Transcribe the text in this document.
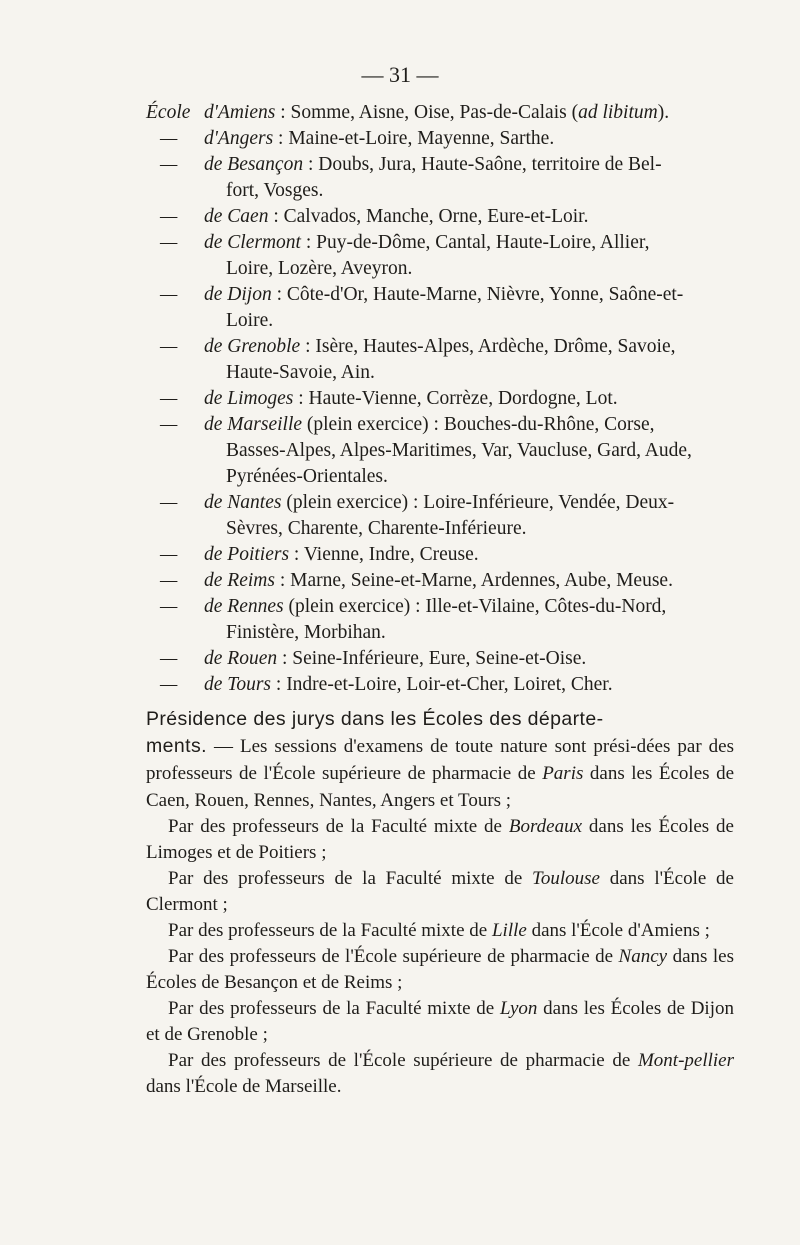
— 31 —
École d'Amiens : Somme, Aisne, Oise, Pas-de-Calais (ad libitum).
—	d'Angers : Maine-et-Loire, Mayenne, Sarthe.
—	de Besançon : Doubs, Jura, Haute-Saône, territoire de Bel-
fort, Vosges.
—	de Caen : Calvados, Manche, Orne, Eure-et-Loir.
—	de Clermont : Puy-de-Dôme, Cantal, Haute-Loire, Allier,
Loire, Lozère, Aveyron.
—	de Dijon : Côte-d'Or, Haute-Marne, Nièvre, Yonne, Saône-et-
Loire.
—	de Grenoble : Isère, Hautes-Alpes, Ardèche, Drôme, Savoie,
Haute-Savoie, Ain.
—	de Limoges : Haute-Vienne, Corrèze, Dordogne, Lot.
—	de Marseille (plein exercice) : Bouches-du-Rhône, Corse,
Basses-Alpes, Alpes-Maritimes, Var, Vaucluse, Gard, Aude,
Pyrénées-Orientales.
—	de Nantes (plein exercice) : Loire-Inférieure, Vendée, Deux-
Sèvres, Charente, Charente-Inférieure.
—	de Poitiers : Vienne, Indre, Creuse.
—	de Reims : Marne, Seine-et-Marne, Ardennes, Aube, Meuse.
—	de Rennes (plein exercice) : Ille-et-Vilaine, Côtes-du-Nord,
Finistère, Morbihan.
—	de Rouen : Seine-Inférieure, Eure, Seine-et-Oise.
—	de Tours : Indre-et-Loire, Loir-et-Cher, Loiret, Cher.
Présidence des jurys dans les Écoles des départe-
ments. — Les sessions d'examens de toute nature sont prési-dées par des professeurs de l'École supérieure de pharmacie de Paris dans les Écoles de Caen, Rouen, Rennes, Nantes, Angers et Tours ;
Par des professeurs de la Faculté mixte de Bordeaux dans les Écoles de Limoges et de Poitiers ;
Par des professeurs de la Faculté mixte de Toulouse dans l'École de Clermont ;
Par des professeurs de la Faculté mixte de Lille dans l'École d'Amiens ;
Par des professeurs de l'École supérieure de pharmacie de Nancy dans les Écoles de Besançon et de Reims ;
Par des professeurs de la Faculté mixte de Lyon dans les Écoles de Dijon et de Grenoble ;
Par des professeurs de l'École supérieure de pharmacie de Mont-pellier dans l'École de Marseille.
